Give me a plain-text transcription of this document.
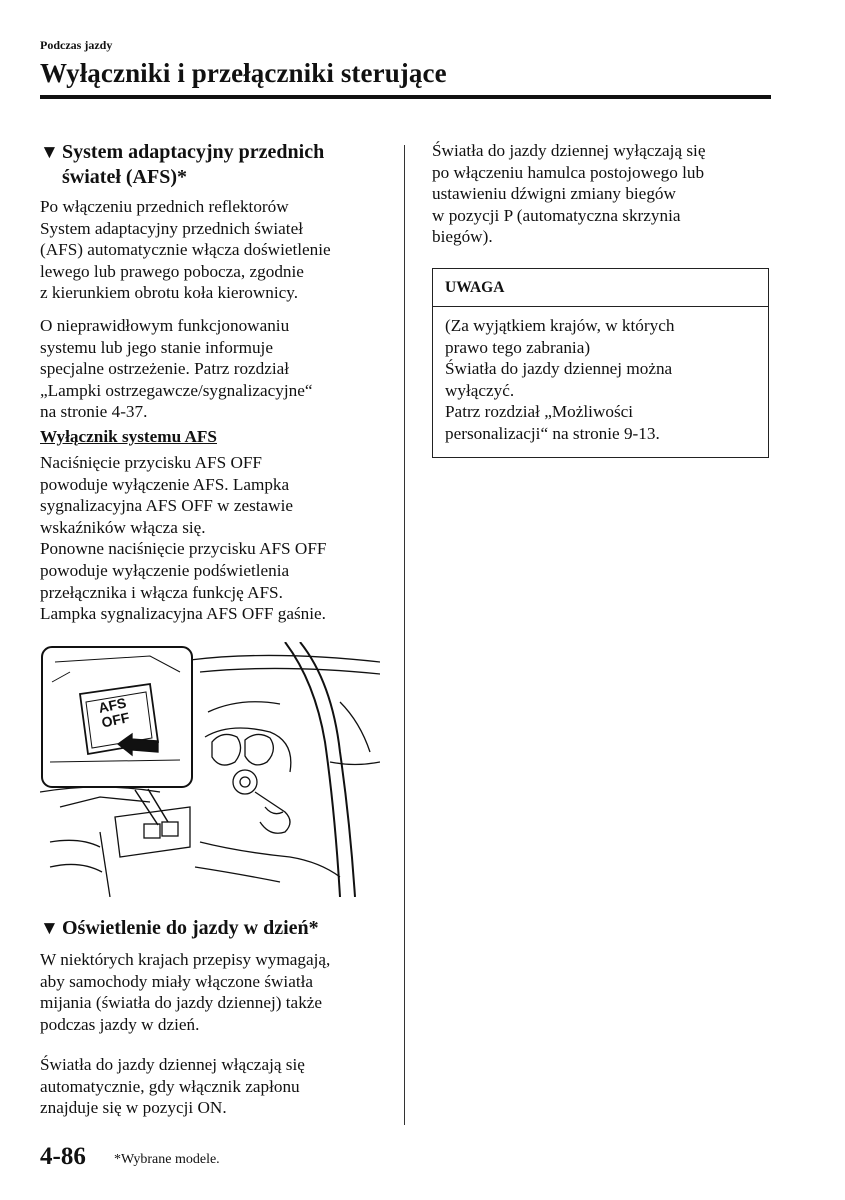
Podczas jazdy
Wyłączniki i przełączniki sterujące
▼ System adaptacyjny przednich
świateł (AFS)*

Po włączeniu przednich reflektorów
System adaptacyjny przednich świateł
(AFS) automatycznie włącza doświetlenie
lewego lub prawego pobocza, zgodnie
z kierunkiem obrotu koła kierownicy.

O nieprawidłowym funkcjonowaniu
systemu lub jego stanie informuje
specjalne ostrzeżenie. Patrz rozdział
„Lampki ostrzegawcze/sygnalizacyjne“
na stronie 4-37.

Wyłącznik systemu AFS

Naciśnięcie przycisku AFS OFF
powoduje wyłączenie AFS. Lampka
sygnalizacyjna AFS OFF w zestawie
wskaźników włącza się.
Ponowne naciśnięcie przycisku AFS OFF
powoduje wyłączenie podświetlenia
przełącznika i włącza funkcję AFS.
Lampka sygnalizacyjna AFS OFF gaśnie.

AFS
OFF
▼ Oświetlenie do jazdy w dzień*

W niektórych krajach przepisy wymagają,
aby samochody miały włączone światła
mijania (światła do jazdy dziennej) także
podczas jazdy w dzień.

Światła do jazdy dziennej włączają się
automatycznie, gdy włącznik zapłonu
znajduje się w pozycji ON.

Światła do jazdy dziennej wyłączają się
po włączeniu hamulca postojowego lub
ustawieniu dźwigni zmiany biegów
w pozycji P (automatyczna skrzynia
biegów).

UWAGA

(Za wyjątkiem krajów, w których
prawo tego zabrania)
Światła do jazdy dziennej można
wyłączyć.
Patrz rozdział „Możliwości
personalizacji“ na stronie 9-13.

4-86 *Wybrane modele.
